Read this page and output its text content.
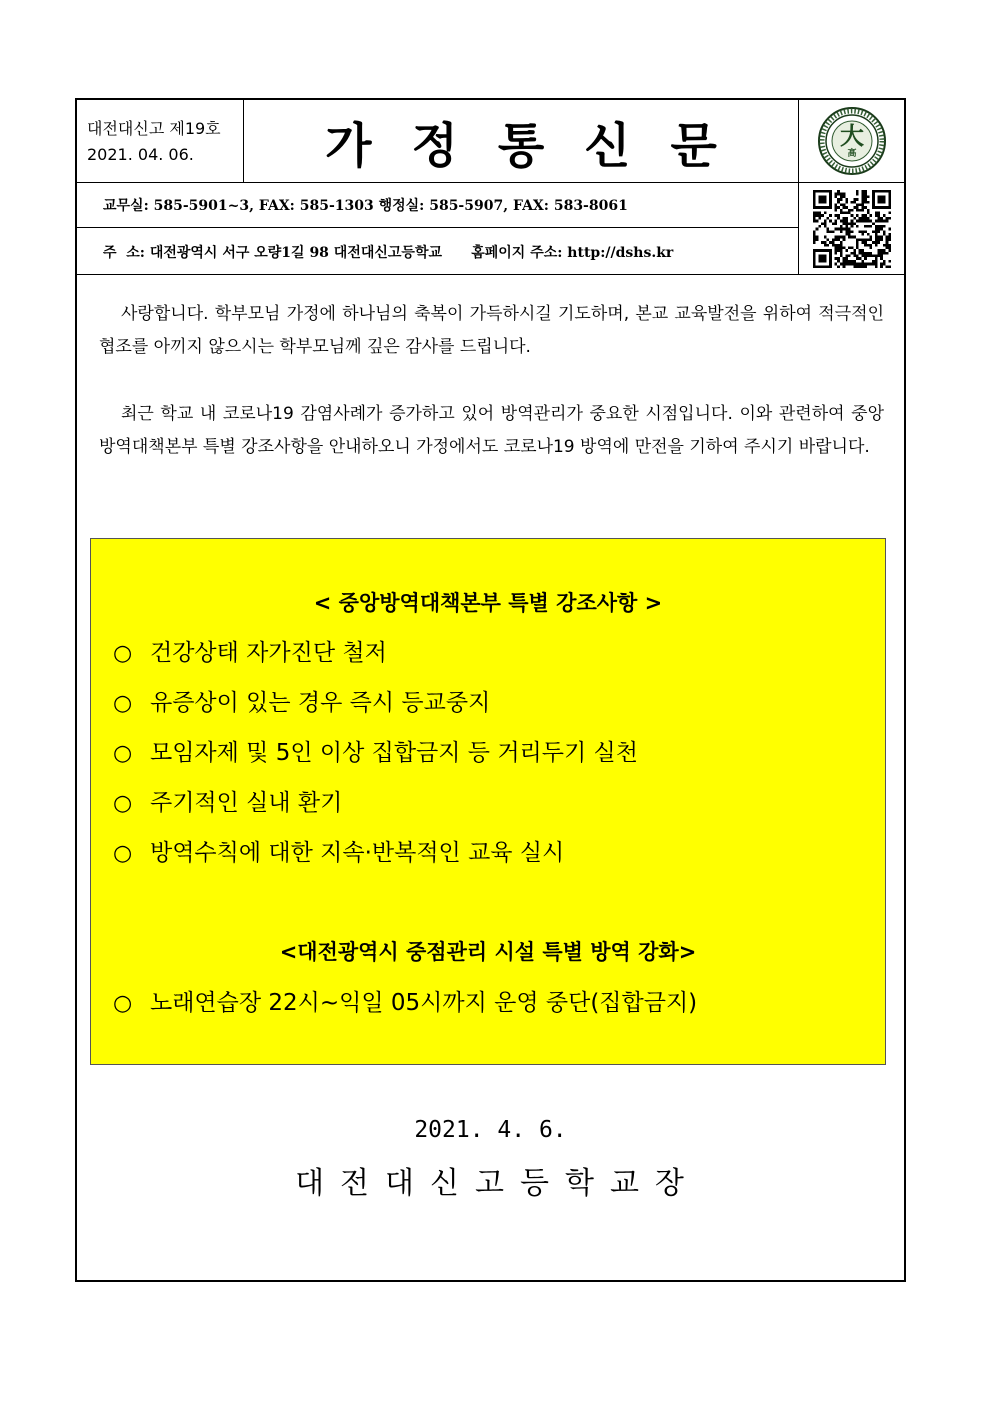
대전대신고 제19호
2021. 04. 06.	가정통신문	大
高
교무실: 585-5901~3, FAX: 585-1303 행정실: 585-5907, FAX: 583-8061
주  소: 대전광역시 서구 오량1길 98 대전대신고등학교      홈페이지 주소: http://dshs.kr

사랑합니다. 학부모님 가정에 하나님의 축복이 가득하시길 기도하며, 본교 교육발전을 위하여 적극적인 협조를 아끼지 않으시는 학부모님께 깊은 감사를 드립니다.

최근 학교 내 코로나19 감염사례가 증가하고 있어 방역관리가 중요한 시점입니다. 이와 관련하여 중앙방역대책본부 특별 강조사항을 안내하오니 가정에서도 코로나19 방역에 만전을 기하여 주시기 바랍니다.

< 중앙방역대책본부 특별 강조사항 >
○ 건강상태 자가진단 철저
○ 유증상이 있는 경우 즉시 등교중지
○ 모임자제 및 5인 이상 집합금지 등 거리두기 실천
○ 주기적인 실내 환기
○ 방역수칙에 대한 지속·반복적인 교육 실시
<대전광역시 중점관리 시설 특별 방역 강화>
○ 노래연습장 22시~익일 05시까지 운영 중단(집합금지)
2021. 4. 6.
대전대신고등학교장
